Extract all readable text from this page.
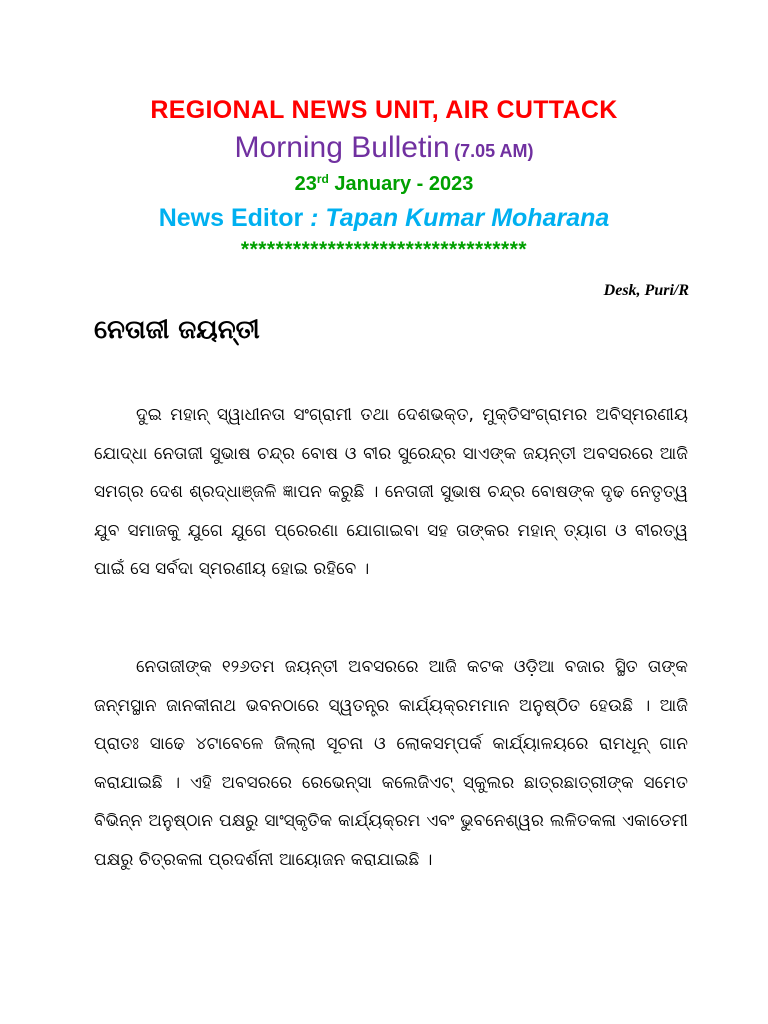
REGIONAL NEWS UNIT, AIR CUTTACK
Morning Bulletin (7.05 AM)
23rd January - 2023
News Editor : Tapan Kumar Moharana
*********************************
Desk, Puri/R
ନେତାଜୀ ଜୟନ୍ତୀ

ଦୁଇ ମହାନ୍ ସ୍ୱାଧୀନତା ସଂଗ୍ରାମୀ ତଥା ଦେଶଭକ୍ତ, ମୁକ୍ତିସଂଗ୍ରାମର ଅବିସ୍ମରଣୀୟ ଯୋଦ୍ଧା ନେତାଜୀ ସୁଭାଷ ଚନ୍ଦ୍ର ବୋଷ ଓ ବୀର ସୁରେନ୍ଦ୍ର ସାଏଙ୍କ ଜୟନ୍ତୀ ଅବସରରେ ଆଜି ସମଗ୍ର ଦେଶ ଶ୍ରଦ୍ଧାଞ୍ଜଳି ଜ୍ଞାପନ କରୁଛି । ନେତାଜୀ ସୁଭାଷ ଚନ୍ଦ୍ର ବୋଷଙ୍କ ଦୃଢ ନେତୃତ୍ୱ ଯୁବ ସମାଜକୁ ଯୁଗେ ଯୁଗେ ପ୍ରେରଣା ଯୋଗାଇବା ସହ ତାଙ୍କର ମହାନ୍ ତ୍ୟାଗ ଓ ବୀରତ୍ୱ ପାଇଁ ସେ ସର୍ବଦା ସ୍ମରଣୀୟ ହୋଇ ରହିବେ ।

ନେତାଜୀଙ୍କ ୧୨୬ତମ ଜୟନ୍ତୀ ଅବସରରେ ଆଜି କଟକ ଓଡ଼ିଆ ବଜାର ସ୍ଥିତ ତାଙ୍କ ଜନ୍ମସ୍ଥାନ ଜାନକୀନାଥ ଭବନଠାରେ ସ୍ୱତନ୍ତ୍ର କାର୍ଯ୍ୟକ୍ରମମାନ ଅନୁଷ୍ଠିତ ହେଉଛି । ଆଜି ପ୍ରାତଃ ସାଢେ ୪ଟାବେଳେ ଜିଲ୍ଲା ସୂଚନା ଓ ଲୋକସମ୍ପର୍କ କାର୍ଯ୍ୟାଳୟରେ ରାମଧୂନ୍ ଗାନ କରାଯାଇଛି । ଏହି ଅବସରରେ ରେଭେନ୍ସା କଲେଜିଏଟ୍ ସ୍କୁଲର ଛାତ୍ରଛାତ୍ରୀଙ୍କ ସମେତ ବିଭିନ୍ନ ଅନୁଷ୍ଠାନ ପକ୍ଷରୁ ସାଂସ୍କୃତିକ କାର୍ଯ୍ୟକ୍ରମ ଏବଂ ଭୁବନେଶ୍ୱର ଲଳିତକଳା ଏକାଡେମୀ ପକ୍ଷରୁ ଚିତ୍ରକଳା ପ୍ରଦର୍ଶନୀ ଆୟୋଜନ କରାଯାଇଛି ।
